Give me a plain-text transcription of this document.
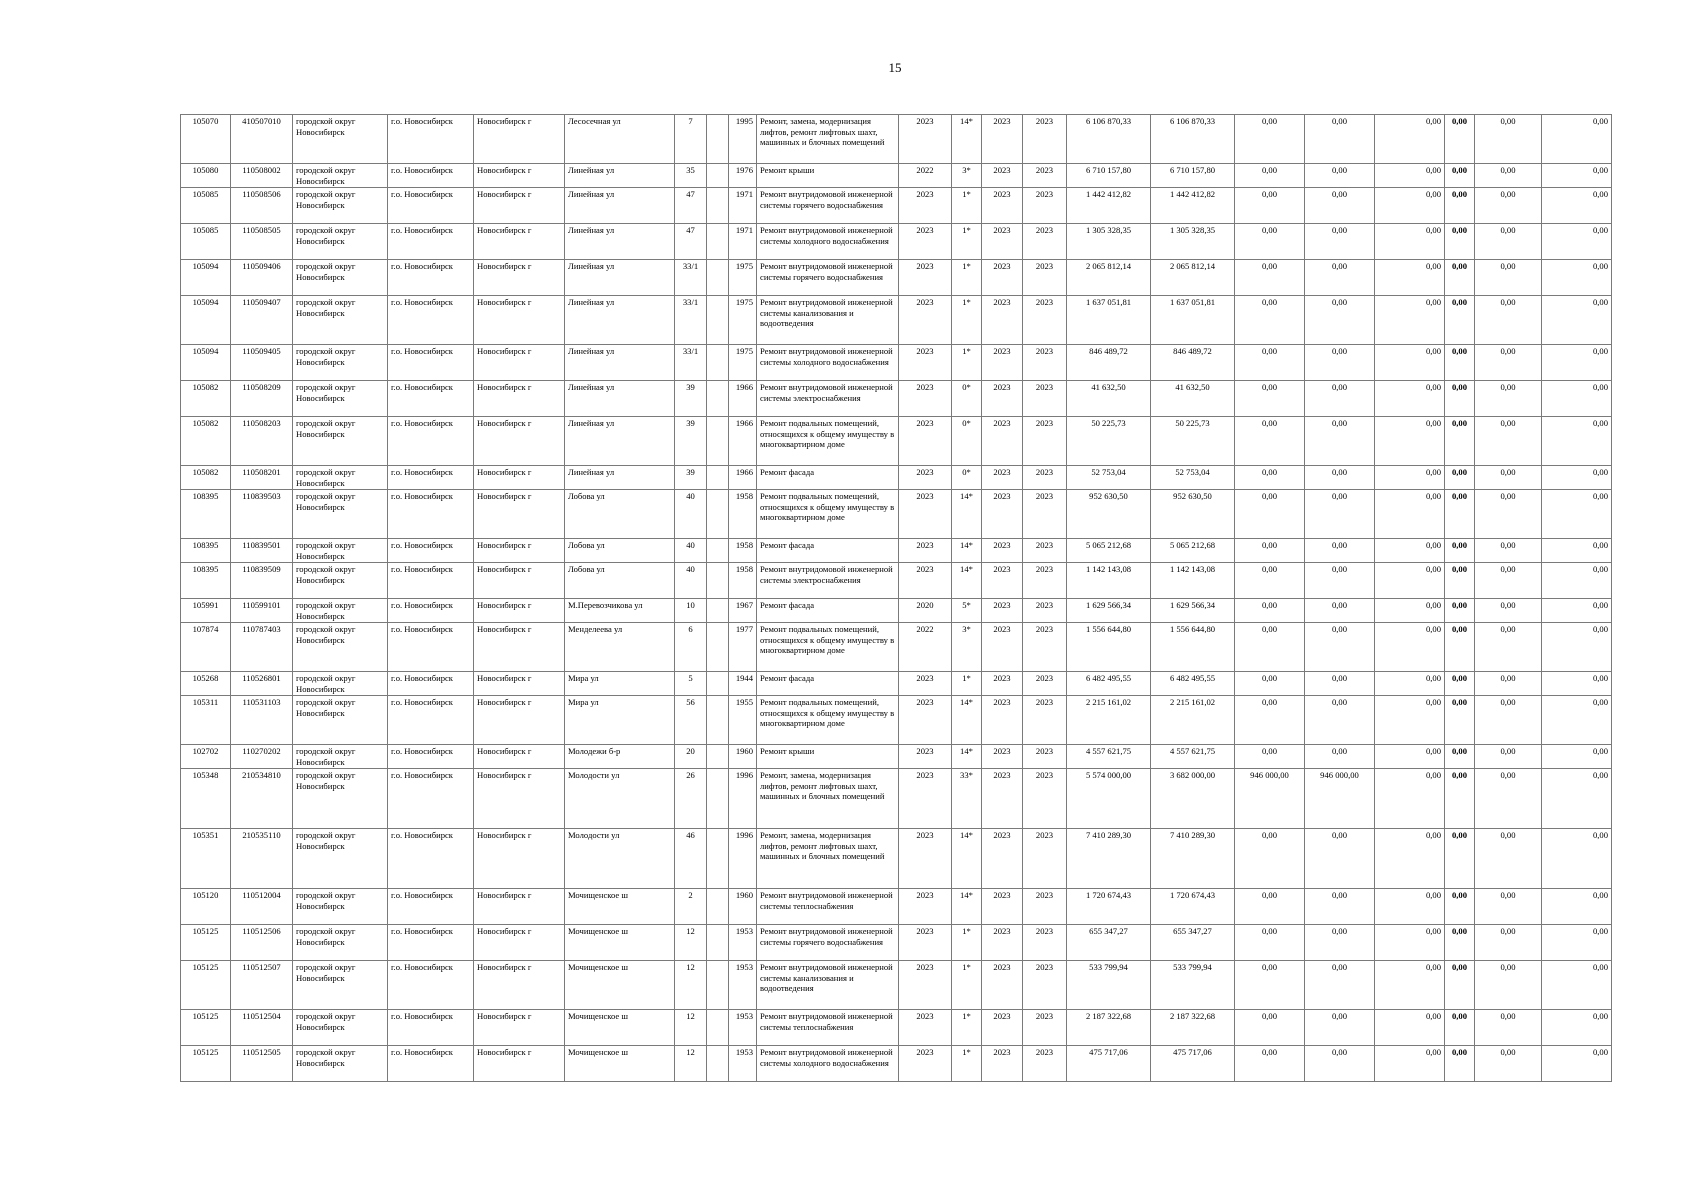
15
105070	410507010	городской округ Новосибирск	г.о. Новосибирск	Новосибирск г	Лесосечная ул	7		1995	Ремонт, замена, модернизация лифтов, ремонт лифтовых шахт, машинных и блочных помещений	2023	14*	2023	2023	6 106 870,33	6 106 870,33	0,00	0,00	0,00	0,00	0,00	0,00
105080	110508002	городской округ Новосибирск	г.о. Новосибирск	Новосибирск г	Линейная ул	35		1976	Ремонт крыши	2022	3*	2023	2023	6 710 157,80	6 710 157,80	0,00	0,00	0,00	0,00	0,00	0,00
105085	110508506	городской округ Новосибирск	г.о. Новосибирск	Новосибирск г	Линейная ул	47		1971	Ремонт внутридомовой инженерной системы горячего водоснабжения	2023	1*	2023	2023	1 442 412,82	1 442 412,82	0,00	0,00	0,00	0,00	0,00	0,00
105085	110508505	городской округ Новосибирск	г.о. Новосибирск	Новосибирск г	Линейная ул	47		1971	Ремонт внутридомовой инженерной системы холодного водоснабжения	2023	1*	2023	2023	1 305 328,35	1 305 328,35	0,00	0,00	0,00	0,00	0,00	0,00
105094	110509406	городской округ Новосибирск	г.о. Новосибирск	Новосибирск г	Линейная ул	33/1		1975	Ремонт внутридомовой инженерной системы горячего водоснабжения	2023	1*	2023	2023	2 065 812,14	2 065 812,14	0,00	0,00	0,00	0,00	0,00	0,00
105094	110509407	городской округ Новосибирск	г.о. Новосибирск	Новосибирск г	Линейная ул	33/1		1975	Ремонт внутридомовой инженерной системы канализования и водоотведения	2023	1*	2023	2023	1 637 051,81	1 637 051,81	0,00	0,00	0,00	0,00	0,00	0,00
105094	110509405	городской округ Новосибирск	г.о. Новосибирск	Новосибирск г	Линейная ул	33/1		1975	Ремонт внутридомовой инженерной системы холодного водоснабжения	2023	1*	2023	2023	846 489,72	846 489,72	0,00	0,00	0,00	0,00	0,00	0,00
105082	110508209	городской округ Новосибирск	г.о. Новосибирск	Новосибирск г	Линейная ул	39		1966	Ремонт внутридомовой инженерной системы электроснабжения	2023	0*	2023	2023	41 632,50	41 632,50	0,00	0,00	0,00	0,00	0,00	0,00
105082	110508203	городской округ Новосибирск	г.о. Новосибирск	Новосибирск г	Линейная ул	39		1966	Ремонт подвальных помещений, относящихся к общему имуществу в многоквартирном доме	2023	0*	2023	2023	50 225,73	50 225,73	0,00	0,00	0,00	0,00	0,00	0,00
105082	110508201	городской округ Новосибирск	г.о. Новосибирск	Новосибирск г	Линейная ул	39		1966	Ремонт фасада	2023	0*	2023	2023	52 753,04	52 753,04	0,00	0,00	0,00	0,00	0,00	0,00
108395	110839503	городской округ Новосибирск	г.о. Новосибирск	Новосибирск г	Лобова ул	40		1958	Ремонт подвальных помещений, относящихся к общему имуществу в многоквартирном доме	2023	14*	2023	2023	952 630,50	952 630,50	0,00	0,00	0,00	0,00	0,00	0,00
108395	110839501	городской округ Новосибирск	г.о. Новосибирск	Новосибирск г	Лобова ул	40		1958	Ремонт фасада	2023	14*	2023	2023	5 065 212,68	5 065 212,68	0,00	0,00	0,00	0,00	0,00	0,00
108395	110839509	городской округ Новосибирск	г.о. Новосибирск	Новосибирск г	Лобова ул	40		1958	Ремонт внутридомовой инженерной системы электроснабжения	2023	14*	2023	2023	1 142 143,08	1 142 143,08	0,00	0,00	0,00	0,00	0,00	0,00
105991	110599101	городской округ Новосибирск	г.о. Новосибирск	Новосибирск г	М.Перевозчикова ул	10		1967	Ремонт фасада	2020	5*	2023	2023	1 629 566,34	1 629 566,34	0,00	0,00	0,00	0,00	0,00	0,00
107874	110787403	городской округ Новосибирск	г.о. Новосибирск	Новосибирск г	Менделеева ул	6		1977	Ремонт подвальных помещений, относящихся к общему имуществу в многоквартирном доме	2022	3*	2023	2023	1 556 644,80	1 556 644,80	0,00	0,00	0,00	0,00	0,00	0,00
105268	110526801	городской округ Новосибирск	г.о. Новосибирск	Новосибирск г	Мира ул	5		1944	Ремонт фасада	2023	1*	2023	2023	6 482 495,55	6 482 495,55	0,00	0,00	0,00	0,00	0,00	0,00
105311	110531103	городской округ Новосибирск	г.о. Новосибирск	Новосибирск г	Мира ул	56		1955	Ремонт подвальных помещений, относящихся к общему имуществу в многоквартирном доме	2023	14*	2023	2023	2 215 161,02	2 215 161,02	0,00	0,00	0,00	0,00	0,00	0,00
102702	110270202	городской округ Новосибирск	г.о. Новосибирск	Новосибирск г	Молодежи б-р	20		1960	Ремонт крыши	2023	14*	2023	2023	4 557 621,75	4 557 621,75	0,00	0,00	0,00	0,00	0,00	0,00
105348	210534810	городской округ Новосибирск	г.о. Новосибирск	Новосибирск г	Молодости ул	26		1996	Ремонт, замена, модернизация лифтов, ремонт лифтовых шахт, машинных и блочных помещений	2023	33*	2023	2023	5 574 000,00	3 682 000,00	946 000,00	946 000,00	0,00	0,00	0,00	0,00
105351	210535110	городской округ Новосибирск	г.о. Новосибирск	Новосибирск г	Молодости ул	46		1996	Ремонт, замена, модернизация лифтов, ремонт лифтовых шахт, машинных и блочных помещений	2023	14*	2023	2023	7 410 289,30	7 410 289,30	0,00	0,00	0,00	0,00	0,00	0,00
105120	110512004	городской округ Новосибирск	г.о. Новосибирск	Новосибирск г	Мочищенское ш	2		1960	Ремонт внутридомовой инженерной системы теплоснабжения	2023	14*	2023	2023	1 720 674,43	1 720 674,43	0,00	0,00	0,00	0,00	0,00	0,00
105125	110512506	городской округ Новосибирск	г.о. Новосибирск	Новосибирск г	Мочищенское ш	12		1953	Ремонт внутридомовой инженерной системы горячего водоснабжения	2023	1*	2023	2023	655 347,27	655 347,27	0,00	0,00	0,00	0,00	0,00	0,00
105125	110512507	городской округ Новосибирск	г.о. Новосибирск	Новосибирск г	Мочищенское ш	12		1953	Ремонт внутридомовой инженерной системы канализования и водоотведения	2023	1*	2023	2023	533 799,94	533 799,94	0,00	0,00	0,00	0,00	0,00	0,00
105125	110512504	городской округ Новосибирск	г.о. Новосибирск	Новосибирск г	Мочищенское ш	12		1953	Ремонт внутридомовой инженерной системы теплоснабжения	2023	1*	2023	2023	2 187 322,68	2 187 322,68	0,00	0,00	0,00	0,00	0,00	0,00
105125	110512505	городской округ Новосибирск	г.о. Новосибирск	Новосибирск г	Мочищенское ш	12		1953	Ремонт внутридомовой инженерной системы холодного водоснабжения	2023	1*	2023	2023	475 717,06	475 717,06	0,00	0,00	0,00	0,00	0,00	0,00
